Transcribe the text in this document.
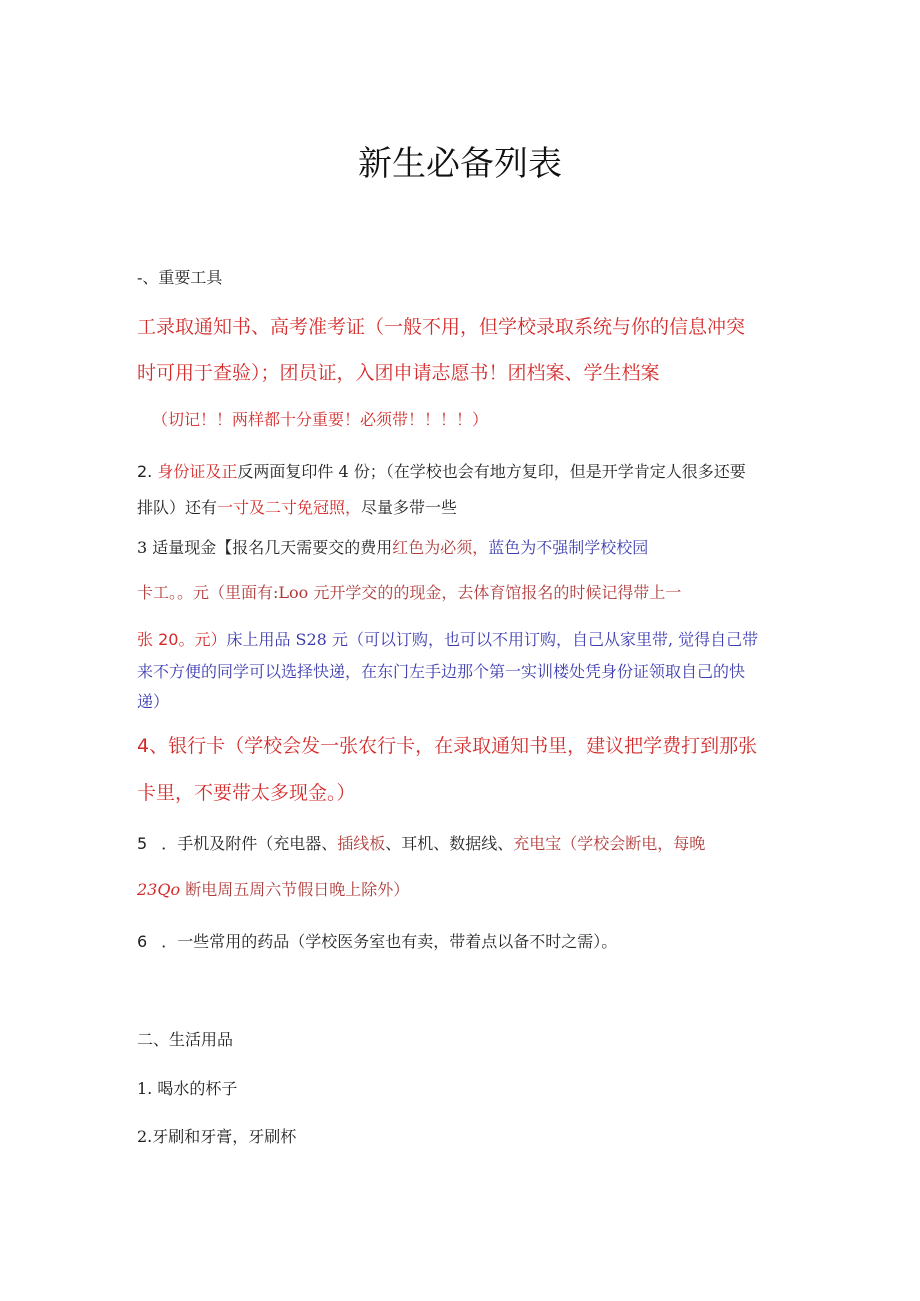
新生必备列表
-、重要工具
工录取通知书、高考准考证（一般不用，但学校录取系统与你的信息冲突
时可用于查验）；团员证，入团申请志愿书！团档案、学生档案
（切记！！两样都十分重要！必须带！！！！）
2. 身份证及正反两面复印件 4 份；（在学校也会有地方复印，但是开学肯定人很多还要
排队）还有一寸及二寸免冠照，尽量多带一些
3 适量现金【报名几天需要交的费用红色为必须，蓝色为不强制学校校园
卡工。。元（里面有:Loo 元开学交的的现金，去体育馆报名的时候记得带上一
张 20。元）床上用品 S28 元（可以订购，也可以不用订购，自己从家里带, 觉得自己带
来不方便的同学可以选择快递，在东门左手边那个第一实训楼处凭身份证领取自己的快
递）
4、银行卡（学校会发一张农行卡，在录取通知书里，建议把学费打到那张
卡里，不要带太多现金。）
5 ．手机及附件（充电器、插线板、耳机、数据线、充电宝（学校会断电，每晚
23Qo 断电周五周六节假日晚上除外）
6 ．一些常用的药品（学校医务室也有卖，带着点以备不时之需）。
二、生活用品
1. 喝水的杯子
2.牙刷和牙膏，牙刷杯
